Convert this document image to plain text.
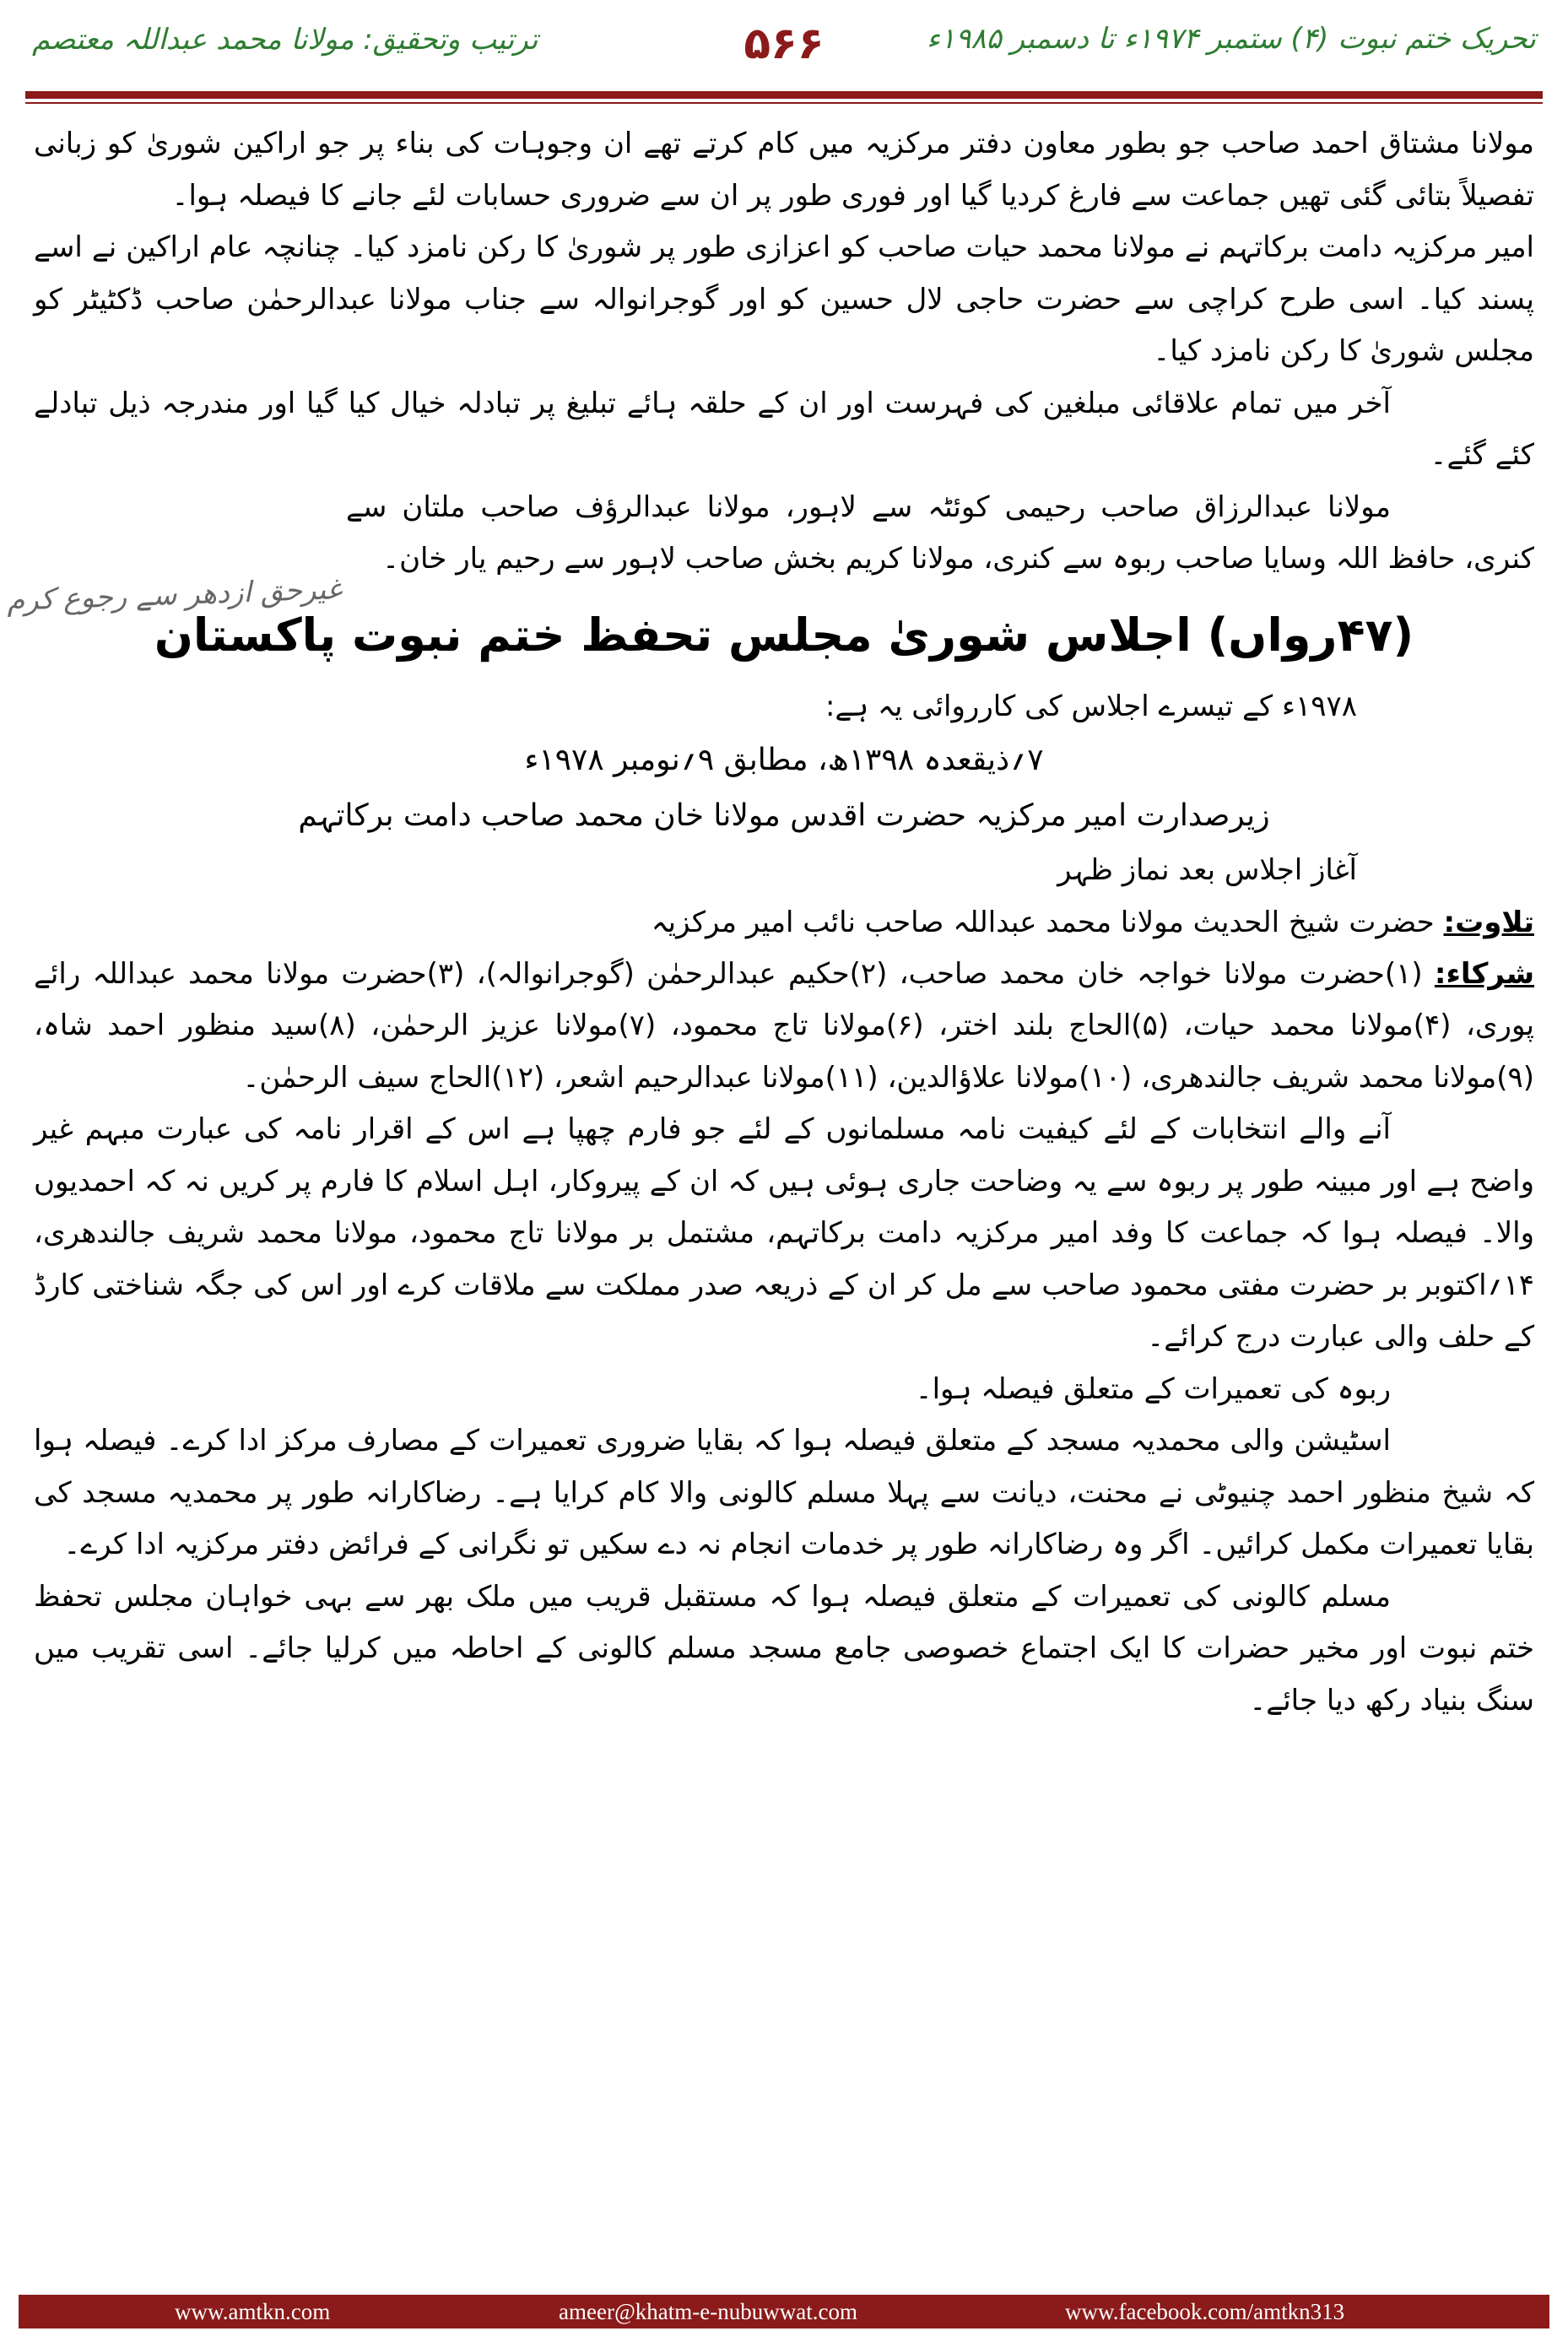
تحریک ختم نبوت (۴) ستمبر ۱۹۷۴ء تا دسمبر ۱۹۸۵ء
۵۶۶
ترتیب وتحقیق: مولانا محمد عبداللہ معتصم
غیرحق ازدھر سے رجوع کرم

مولانا مشتاق احمد صاحب جو بطور معاون دفتر مرکزیہ میں کام کرتے تھے ان وجوہات کی بناء پر جو اراکین شوریٰ کو زبانی تفصیلاً بتائی گئی تھیں جماعت سے فارغ کردیا گیا اور فوری طور پر ان سے ضروری حسابات لئے جانے کا فیصلہ ہوا۔

امیر مرکزیہ دامت برکاتہم نے مولانا محمد حیات صاحب کو اعزازی طور پر شوریٰ کا رکن نامزد کیا۔ چنانچہ عام اراکین نے اسے پسند کیا۔ اسی طرح کراچی سے حضرت حاجی لال حسین کو اور گوجرانوالہ سے جناب مولانا عبدالرحمٰن صاحب ڈکٹیٹر کو مجلس شوریٰ کا رکن نامزد کیا۔

آخر میں تمام علاقائی مبلغین کی فہرست اور ان کے حلقہ ہائے تبلیغ پر تبادلہ خیال کیا گیا اور مندرجہ ذیل تبادلے کئے گئے۔

مولانا عبدالرزاق صاحب رحیمی کوئٹہ سے لاہور، مولانا عبدالرؤف صاحب ملتان سے کنری، حافظ اللہ وسایا صاحب ربوہ سے کنری، مولانا کریم بخش صاحب لاہور سے رحیم یار خان۔

(۴۷رواں) اجلاس شوریٰ مجلس تحفظ ختم نبوت پاکستان

۱۹۷۸ء کے تیسرے اجلاس کی کارروائی یہ ہے:

۷؍ذیقعدہ ۱۳۹۸ھ، مطابق ۹؍نومبر ۱۹۷۸ء

زیرصدارت امیر مرکزیہ حضرت اقدس مولانا خان محمد صاحب دامت برکاتہم

آغاز اجلاس بعد نماز ظہر

تلاوت: حضرت شیخ الحدیث مولانا محمد عبداللہ صاحب نائب امیر مرکزیہ

شرکاء: (۱)حضرت مولانا خواجہ خان محمد صاحب، (۲)حکیم عبدالرحمٰن (گوجرانوالہ)، (۳)حضرت مولانا محمد عبداللہ رائے پوری، (۴)مولانا محمد حیات، (۵)الحاج بلند اختر، (۶)مولانا تاج محمود، (۷)مولانا عزیز الرحمٰن، (۸)سید منظور احمد شاہ، (۹)مولانا محمد شریف جالندھری، (۱۰)مولانا علاؤالدین، (۱۱)مولانا عبدالرحیم اشعر، (۱۲)الحاج سیف الرحمٰن۔

آنے والے انتخابات کے لئے کیفیت نامہ مسلمانوں کے لئے جو فارم چھپا ہے اس کے اقرار نامہ کی عبارت مبہم غیر واضح ہے اور مبینہ طور پر ربوہ سے یہ وضاحت جاری ہوئی ہیں کہ ان کے پیروکار، اہل اسلام کا فارم پر کریں نہ کہ احمدیوں والا۔ فیصلہ ہوا کہ جماعت کا وفد امیر مرکزیہ دامت برکاتہم، مشتمل بر مولانا تاج محمود، مولانا محمد شریف جالندھری، ۱۴؍اکتوبر بر حضرت مفتی محمود صاحب سے مل کر ان کے ذریعہ صدر مملکت سے ملاقات کرے اور اس کی جگہ شناختی کارڈ کے حلف والی عبارت درج کرائے۔

ربوہ کی تعمیرات کے متعلق فیصلہ ہوا۔

اسٹیشن والی محمدیہ مسجد کے متعلق فیصلہ ہوا کہ بقایا ضروری تعمیرات کے مصارف مرکز ادا کرے۔ فیصلہ ہوا کہ شیخ منظور احمد چنیوٹی نے محنت، دیانت سے پہلا مسلم کالونی والا کام کرایا ہے۔ رضاکارانہ طور پر محمدیہ مسجد کی بقایا تعمیرات مکمل کرائیں۔ اگر وہ رضاکارانہ طور پر خدمات انجام نہ دے سکیں تو نگرانی کے فرائض دفتر مرکزیہ ادا کرے۔

مسلم کالونی کی تعمیرات کے متعلق فیصلہ ہوا کہ مستقبل قریب میں ملک بھر سے بہی خواہان مجلس تحفظ ختم نبوت اور مخیر حضرات کا ایک اجتماع خصوصی جامع مسجد مسلم کالونی کے احاطہ میں کرلیا جائے۔ اسی تقریب میں سنگ بنیاد رکھ دیا جائے۔

www.amtkn.com	ameer@khatm-e-nubuwwat.com	www.facebook.com/amtkn313
